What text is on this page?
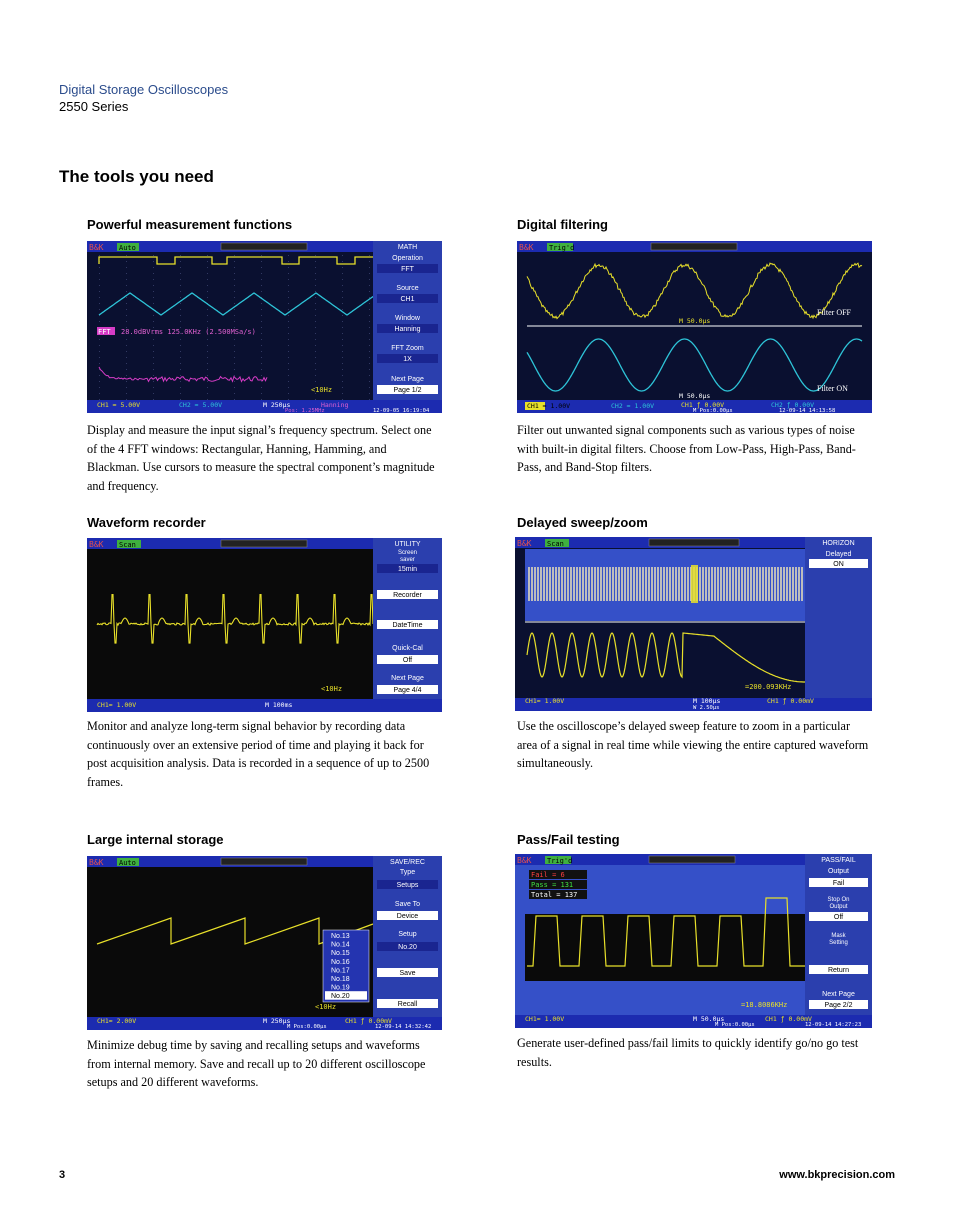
Digital Storage Oscilloscopes
2550 Series
The tools you need
Powerful measurement functions	Digital filtering
Waveform recorder	Delayed sweep/zoom
Large internal storage	Pass/Fail testing
Display and measure the input signal’s frequency spectrum. Select one of the 4 FFT windows: Rectangular, Hanning, Hamming, and Blackman. Use cursors to measure the spectral component’s magnitude and frequency.
Filter out unwanted signal components such as various types of noise with built-in digital filters. Choose from Low-Pass, High-Pass, Band-Pass, and Band-Stop filters.
Monitor and analyze long-term signal behavior by recording data continuously over an extensive period of time and playing it back for post acquisition analysis. Data is recorded in a sequence of up to 2500 frames.
Use the oscilloscope’s delayed sweep feature to zoom in a particular area of a signal in real time while viewing the entire captured waveform simultaneously.
Minimize debug time by saving and recalling setups and waveforms from internal memory. Save and recall up to 20 different oscilloscope setups and 20 different waveforms.
Generate user-defined pass/fail limits to quickly identify go/no go test results.
B&K Auto
FFT 28.0dBVrms 125.0KHz (2.500MSa/s)
<10Hz
MATH
Operation
FFT
Source
CH1
Window
Hanning
FFT Zoom
1X
Next Page
Page 1/2
CH1 ≈ 5.00V	CH2 ≈ 5.00V	M 250μs	Hanning
Pos: 1.25MHz	12-09-05 16:19:04
B&K Trig'd
Filter OFF
Filter ON
M 50.0μs
M 50.0μs
CH1 ≈ 1.00V	CH2 ≈ 1.00V	CH1 ƒ 0.00V	CH2 ƒ 0.00V
M Pos:0.00μs	12-09-14 14:13:58
B&K Scan
<10Hz
UTILITY
Screen
saver
15min
Recorder
DateTime
Quick-Cal
Off
Next Page
Page 4/4
CH1≈ 1.00V	M 100ms
B&K Scan
=200.093KHz
HORIZON
Delayed
ON
CH1≈ 1.00V	M 100μs
W 2.50μs
CH1 ƒ 0.00mV
B&K Auto
No.13
No.14
No.15
No.16
No.17
No.18
No.19
No.20
<10Hz
SAVE/REC
Type
Setups
Save To
Device
Setup
No.20
Save
Recall
CH1≈ 2.00V	M 250μs	CH1 ƒ 0.00mV
M Pos:0.00μs	12-09-14 14:32:42
B&K Trig'd
Fail = 6
Pass = 131
Total = 137
=18.8086KHz
PASS/FAIL
Output
Fail
Stop On
Output
Off
Mask
Setting
Return
Next Page
Page 2/2
CH1≈ 1.00V	M 50.0μs	CH1 ƒ 0.00mV
M Pos:0.00μs	12-09-14 14:27:23
3	www.bkprecision.com
